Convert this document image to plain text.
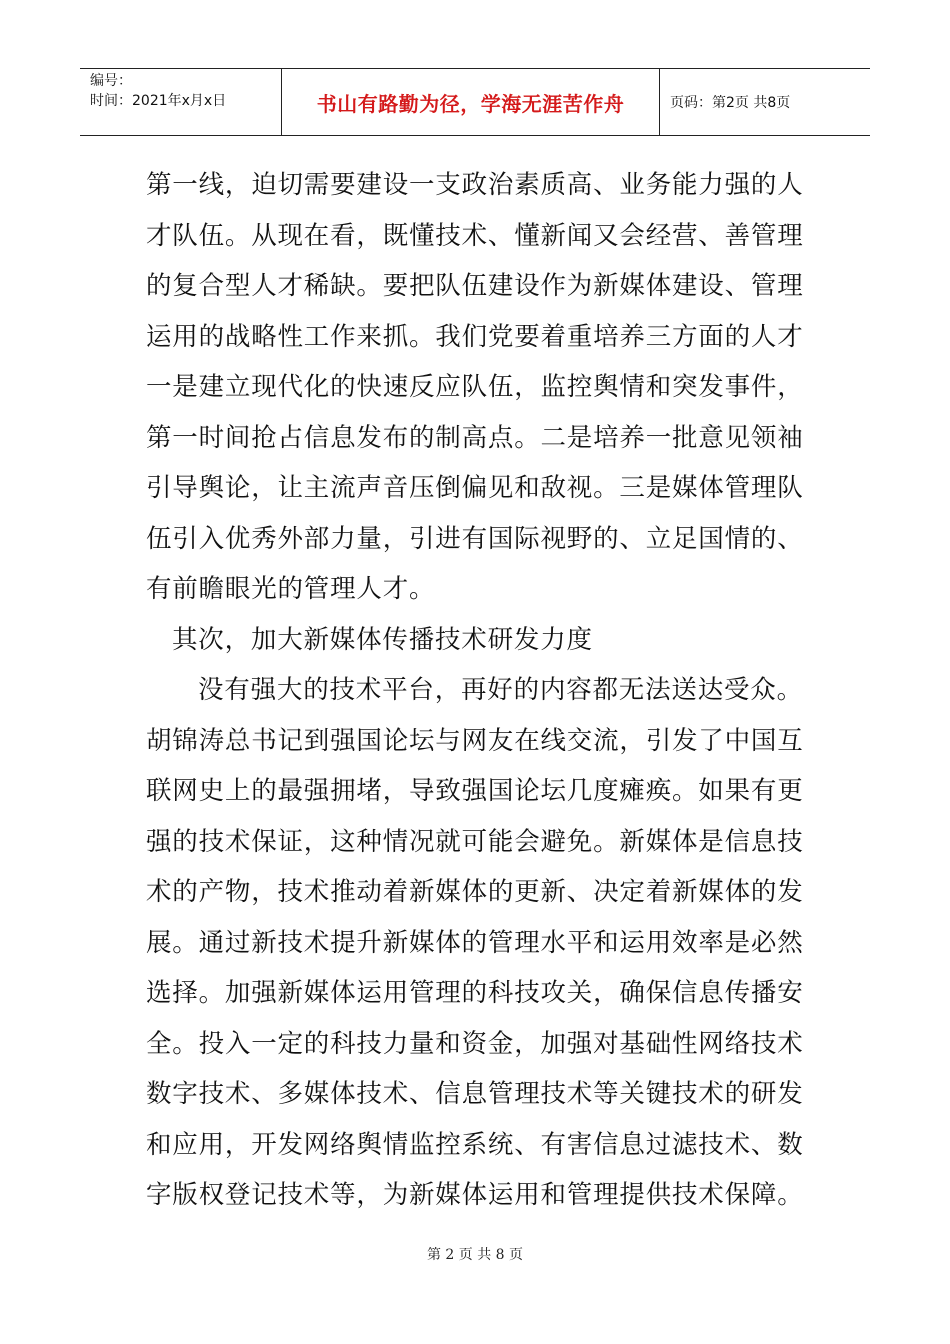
编号：
时间：2021年x月x日	书山有路勤为径，学海无涯苦作舟	页码：第2页 共8页
第一线，迫切需要建设一支政治素质高、业务能力强的人
才队伍。从现在看，既懂技术、懂新闻又会经营、善管理
的复合型人才稀缺。要把队伍建设作为新媒体建设、管理
运用的战略性工作来抓。我们党要着重培养三方面的人才
一是建立现代化的快速反应队伍，监控舆情和突发事件，
第一时间抢占信息发布的制高点。二是培养一批意见领袖
引导舆论，让主流声音压倒偏见和敌视。三是媒体管理队
伍引入优秀外部力量，引进有国际视野的、立足国情的、
有前瞻眼光的管理人才。
其次，加大新媒体传播技术研发力度
没有强大的技术平台，再好的内容都无法送达受众。
胡锦涛总书记到强国论坛与网友在线交流，引发了中国互
联网史上的最强拥堵，导致强国论坛几度瘫痪。如果有更
强的技术保证，这种情况就可能会避免。新媒体是信息技
术的产物，技术推动着新媒体的更新、决定着新媒体的发
展。通过新技术提升新媒体的管理水平和运用效率是必然
选择。加强新媒体运用管理的科技攻关，确保信息传播安
全。投入一定的科技力量和资金，加强对基础性网络技术
数字技术、多媒体技术、信息管理技术等关键技术的研发
和应用，开发网络舆情监控系统、有害信息过滤技术、数
字版权登记技术等，为新媒体运用和管理提供技术保障。
第 2 页 共 8 页
